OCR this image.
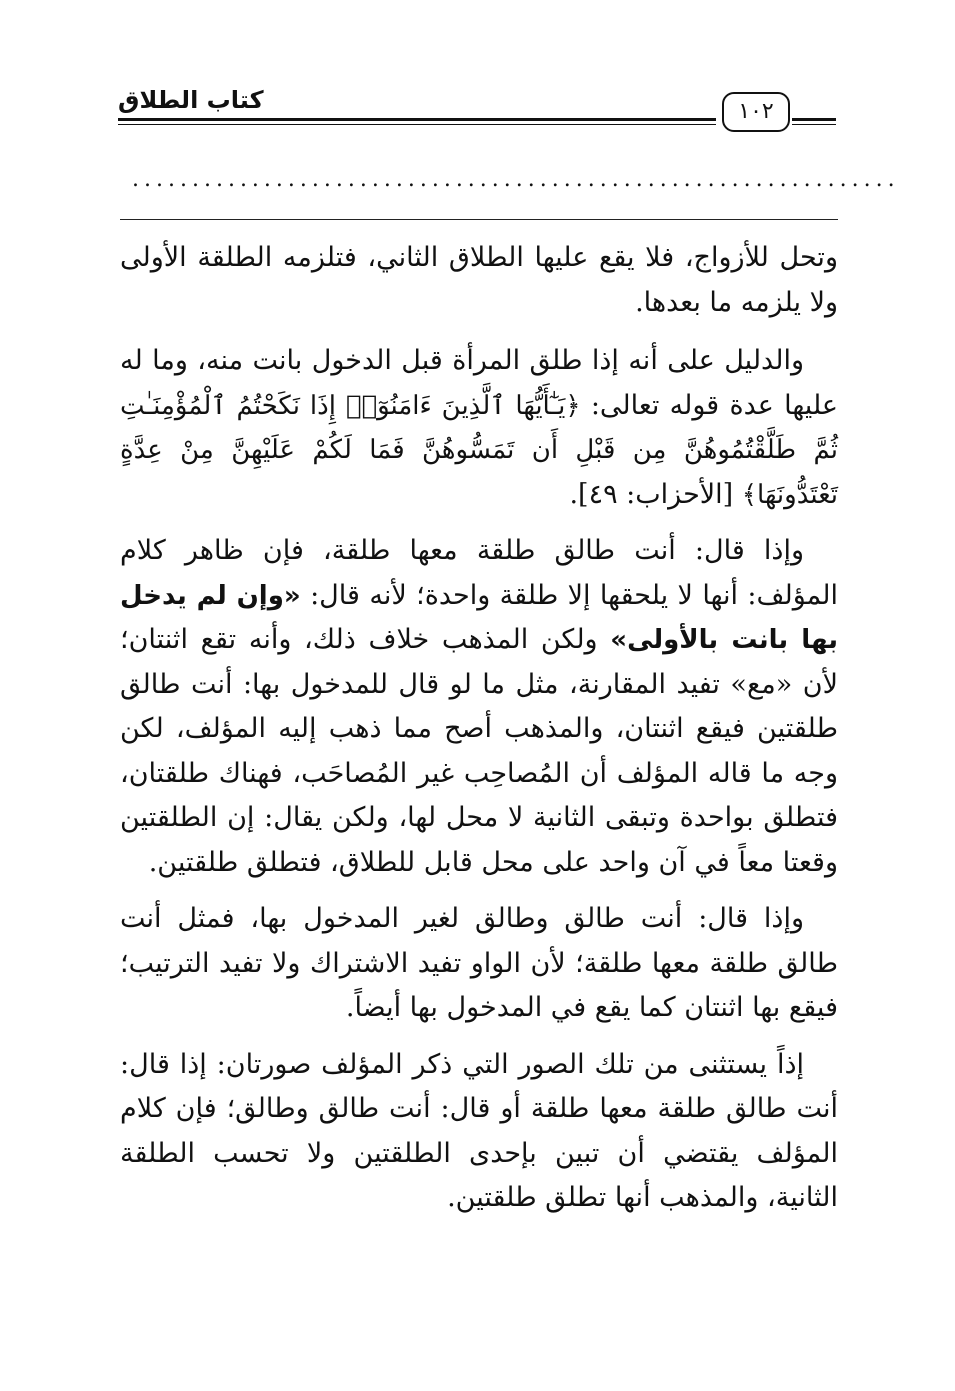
كتاب الطلاق	١٠٢
................................................................

وتحل للأزواج، فلا يقع عليها الطلاق الثاني، فتلزمه الطلقة الأولى ولا يلزمه ما بعدها.

والدليل على أنه إذا طلق المرأة قبل الدخول بانت منه، وما له عليها عدة قوله تعالى: ﴿يَـٰٓأَيُّهَا ٱلَّذِينَ ءَامَنُوٓا۟ إِذَا نَكَحْتُمُ ٱلْمُؤْمِنَـٰتِ ثُمَّ طَلَّقْتُمُوهُنَّ مِن قَبْلِ أَن تَمَسُّوهُنَّ فَمَا لَكُمْ عَلَيْهِنَّ مِنْ عِدَّةٍ تَعْتَدُّونَهَا﴾ [الأحزاب: ٤٩].

وإذا قال: أنت طالق طلقة معها طلقة، فإن ظاهر كلام المؤلف: أنها لا يلحقها إلا طلقة واحدة؛ لأنه قال: «وإن لم يدخل بها بانت بالأولى» ولكن المذهب خلاف ذلك، وأنه تقع اثنتان؛ لأن «مع» تفيد المقارنة، مثل ما لو قال للمدخول بها: أنت طالق طلقتين فيقع اثنتان، والمذهب أصح مما ذهب إليه المؤلف، لكن وجه ما قاله المؤلف أن المُصاحِب غير المُصاحَب، فهناك طلقتان، فتطلق بواحدة وتبقى الثانية لا محل لها، ولكن يقال: إن الطلقتين وقعتا معاً في آن واحد على محل قابل للطلاق، فتطلق طلقتين.

وإذا قال: أنت طالق وطالق لغير المدخول بها، فمثل أنت طالق طلقة معها طلقة؛ لأن الواو تفيد الاشتراك ولا تفيد الترتيب؛ فيقع بها اثنتان كما يقع في المدخول بها أيضاً.

إذاً يستثنى من تلك الصور التي ذكر المؤلف صورتان: إذا قال: أنت طالق طلقة معها طلقة أو قال: أنت طالق وطالق؛ فإن كلام المؤلف يقتضي أن تبين بإحدى الطلقتين ولا تحسب الطلقة الثانية، والمذهب أنها تطلق طلقتين.
